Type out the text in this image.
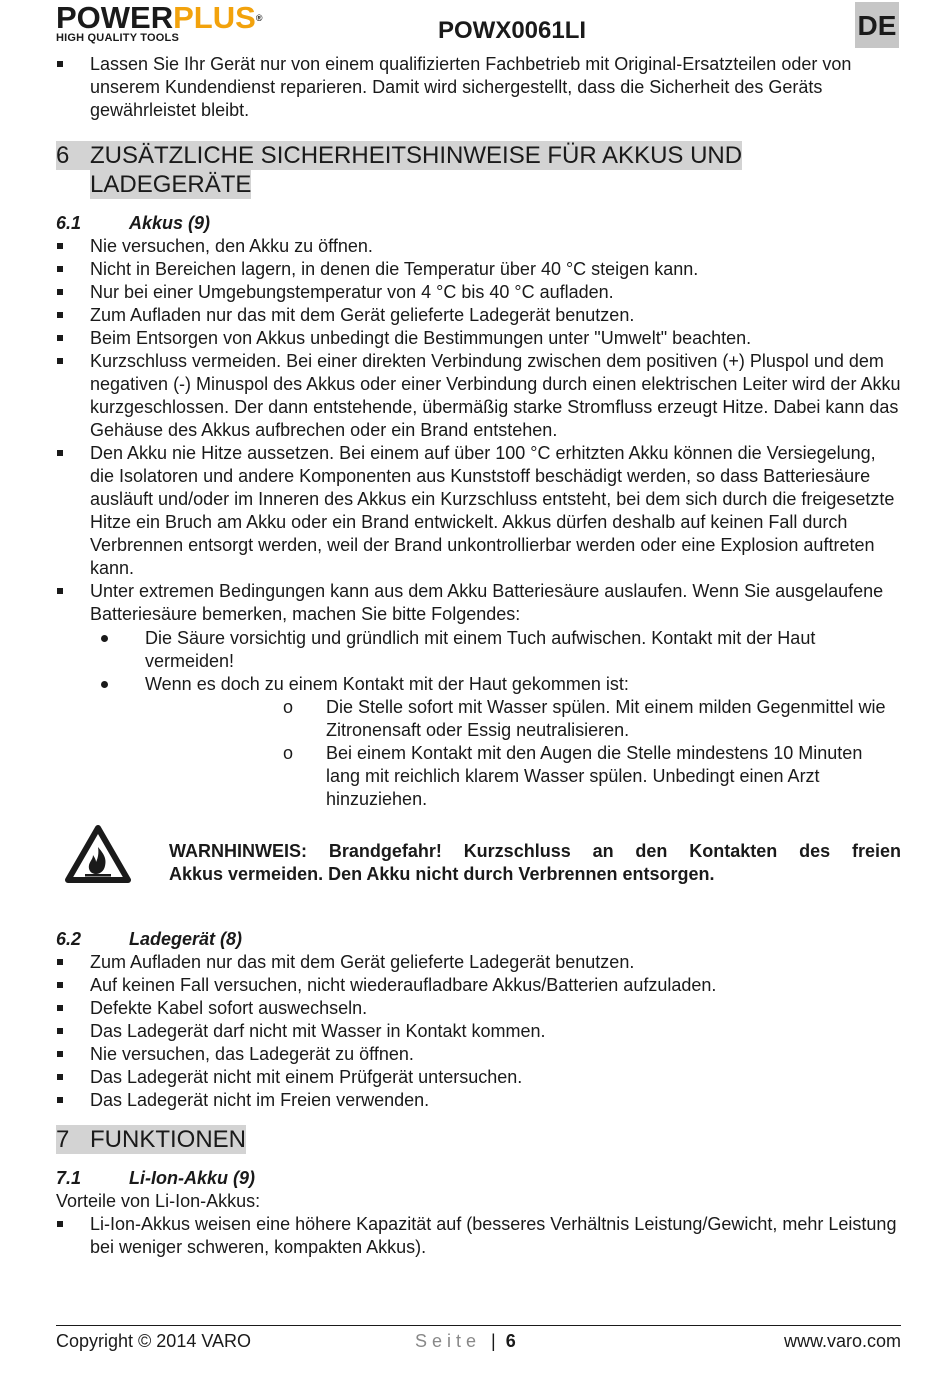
POWERPLUS®
HIGH QUALITY TOOLS	POWX0061LI	DE
Lassen Sie Ihr Gerät nur von einem qualifizierten Fachbetrieb mit Original-Ersatzteilen oder von unserem Kundendienst reparieren. Damit wird sichergestellt, dass die Sicherheit des Geräts gewährleistet bleibt.
6 ZUSÄTZLICHE SICHERHEITSHINWEISE FÜR AKKUS UND
LADEGERÄTE
6.1	Akkus (9)
Nie versuchen, den Akku zu öffnen.
Nicht in Bereichen lagern, in denen die Temperatur über 40 °C steigen kann.
Nur bei einer Umgebungstemperatur von 4 °C bis 40 °C aufladen.
Zum Aufladen nur das mit dem Gerät gelieferte Ladegerät benutzen.
Beim Entsorgen von Akkus unbedingt die Bestimmungen unter "Umwelt" beachten.
Kurzschluss vermeiden. Bei einer direkten Verbindung zwischen dem positiven (+) Pluspol und dem negativen (-) Minuspol des Akkus oder einer Verbindung durch einen elektrischen Leiter wird der Akku kurzgeschlossen. Der dann entstehende, übermäßig starke Stromfluss erzeugt Hitze. Dabei kann das Gehäuse des Akkus aufbrechen oder ein Brand entstehen.
Den Akku nie Hitze aussetzen. Bei einem auf über 100 °C erhitzten Akku können die Versiegelung, die Isolatoren und andere Komponenten aus Kunststoff beschädigt werden, so dass Batteriesäure ausläuft und/oder im Inneren des Akkus ein Kurzschluss entsteht, bei dem sich durch die freigesetzte Hitze ein Bruch am Akku oder ein Brand entwickelt. Akkus dürfen deshalb auf keinen Fall durch Verbrennen entsorgt werden, weil der Brand unkontrollierbar werden oder eine Explosion auftreten kann.
Unter extremen Bedingungen kann aus dem Akku Batteriesäure auslaufen. Wenn Sie ausgelaufene Batteriesäure bemerken, machen Sie bitte Folgendes:
Die Säure vorsichtig und gründlich mit einem Tuch aufwischen. Kontakt mit der Haut vermeiden!
Wenn es doch zu einem Kontakt mit der Haut gekommen ist:
o Die Stelle sofort mit Wasser spülen. Mit einem milden Gegenmittel wie Zitronensaft oder Essig neutralisieren.
o Bei einem Kontakt mit den Augen die Stelle mindestens 10 Minuten lang mit reichlich klarem Wasser spülen. Unbedingt einen Arzt hinzuziehen.
WARNHINWEIS: Brandgefahr! Kurzschluss an den Kontakten des freien
Akkus vermeiden. Den Akku nicht durch Verbrennen entsorgen.
6.2	Ladegerät (8)
Zum Aufladen nur das mit dem Gerät gelieferte Ladegerät benutzen.
Auf keinen Fall versuchen, nicht wiederaufladbare Akkus/Batterien aufzuladen.
Defekte Kabel sofort auswechseln.
Das Ladegerät darf nicht mit Wasser in Kontakt kommen.
Nie versuchen, das Ladegerät zu öffnen.
Das Ladegerät nicht mit einem Prüfgerät untersuchen.
Das Ladegerät nicht im Freien verwenden.
7 FUNKTIONEN
7.1	Li-Ion-Akku (9)
Vorteile von Li-Ion-Akkus:
Li-Ion-Akkus weisen eine höhere Kapazität auf (besseres Verhältnis Leistung/Gewicht, mehr Leistung bei weniger schweren, kompakten Akkus).
Copyright © 2014 VARO	Seite | 6	www.varo.com
